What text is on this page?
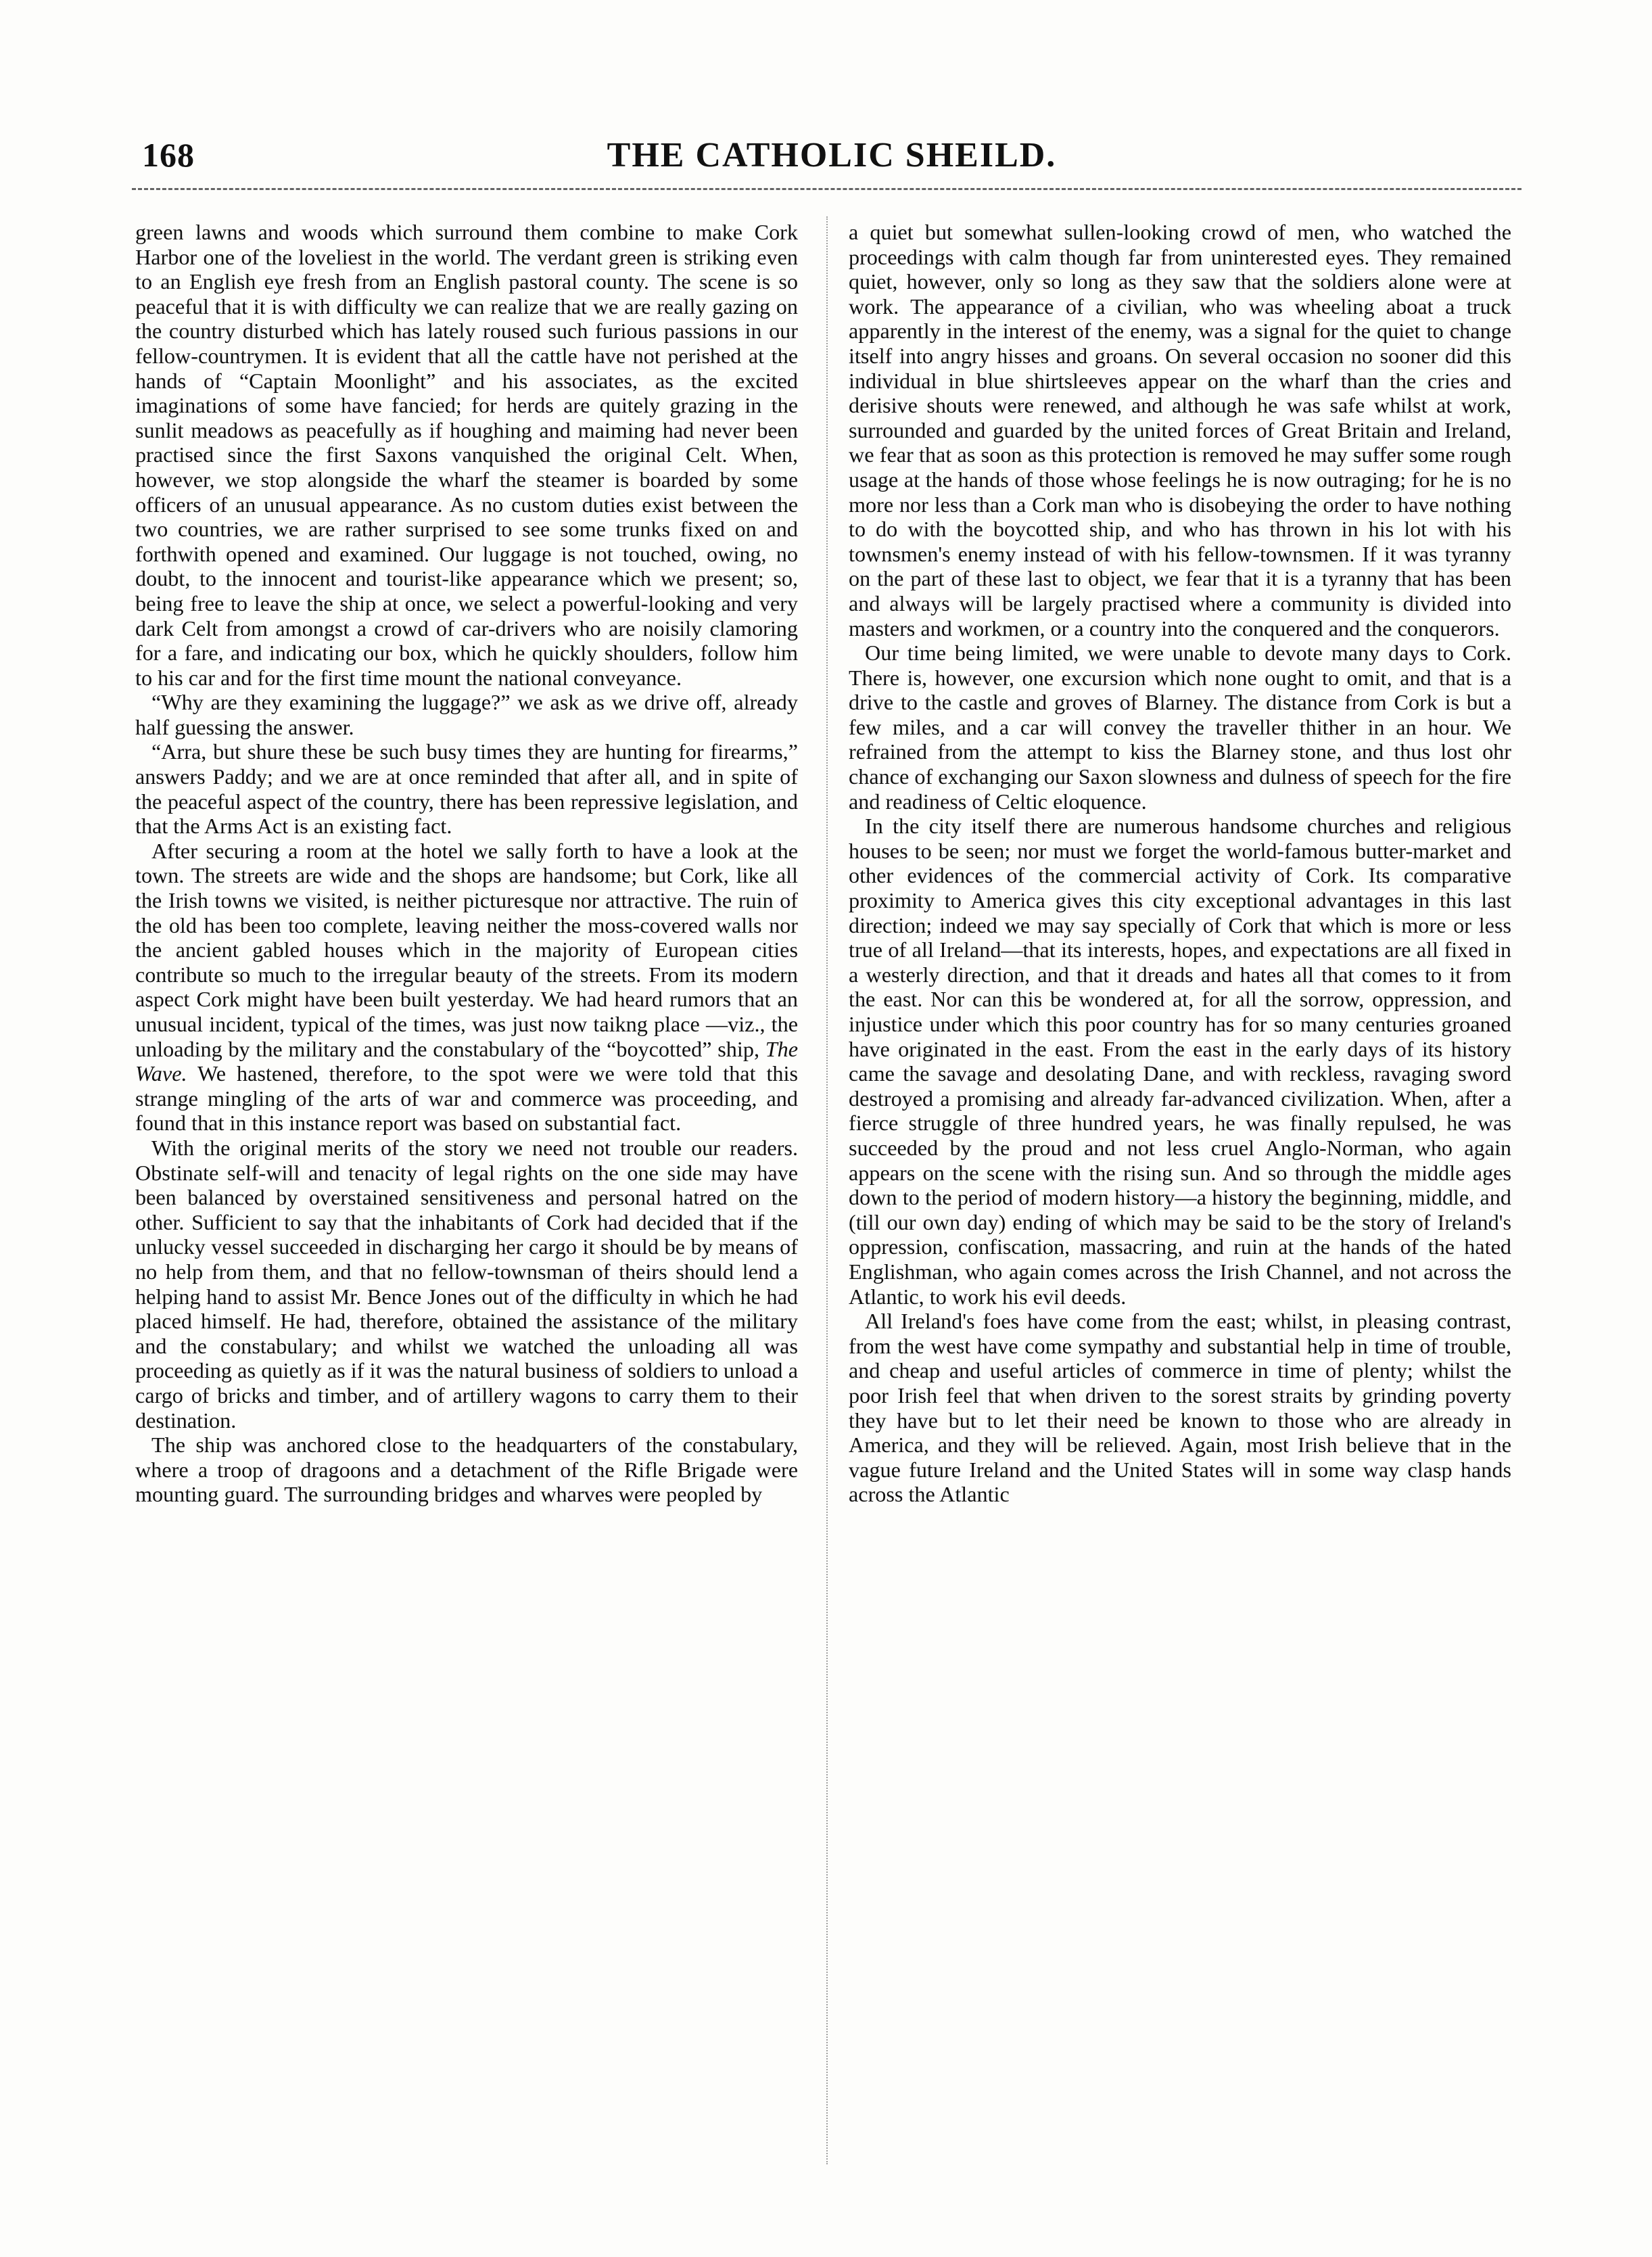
168	THE CATHOLIC SHEILD.

green lawns and woods which surround them combine to make Cork Harbor one of the loveliest in the world. The verdant green is striking even to an English eye fresh from an English pastoral county. The scene is so peaceful that it is with difficulty we can realize that we are really gazing on the country disturbed which has lately roused such furious passions in our fellow-countrymen. It is evident that all the cattle have not perished at the hands of “Captain Moonlight” and his associates, as the excited imaginations of some have fancied; for herds are quitely grazing in the sunlit meadows as peacefully as if houghing and maiming had never been practised since the first Saxons vanquished the original Celt. When, however, we stop alongside the wharf the steamer is boarded by some officers of an unusual appearance. As no custom duties exist between the two countries, we are rather surprised to see some trunks fixed on and forthwith opened and examined. Our luggage is not touched, owing, no doubt, to the innocent and tourist-like appearance which we present; so, being free to leave the ship at once, we select a powerful-looking and very dark Celt from amongst a crowd of car-drivers who are noisily clamoring for a fare, and indicating our box, which he quickly shoulders, follow him to his car and for the first time mount the national conveyance.

“Why are they examining the luggage?” we ask as we drive off, already half guessing the answer.

“Arra, but shure these be such busy times they are hunting for firearms,” answers Paddy; and we are at once reminded that after all, and in spite of the peaceful aspect of the country, there has been repressive legislation, and that the Arms Act is an existing fact.

After securing a room at the hotel we sally forth to have a look at the town. The streets are wide and the shops are handsome; but Cork, like all the Irish towns we visited, is neither picturesque nor attractive. The ruin of the old has been too complete, leaving neither the moss-covered walls nor the ancient gabled houses which in the majority of European cities contribute so much to the irregular beauty of the streets. From its modern aspect Cork might have been built yesterday. We had heard rumors that an unusual incident, typical of the times, was just now taikng place —viz., the unloading by the military and the constabulary of the “boycotted” ship, The Wave. We hastened, therefore, to the spot were we were told that this strange mingling of the arts of war and commerce was proceeding, and found that in this instance report was based on substantial fact.

With the original merits of the story we need not trouble our readers. Obstinate self-will and tenacity of legal rights on the one side may have been balanced by overstained sensitiveness and personal hatred on the other. Sufficient to say that the inhabitants of Cork had decided that if the unlucky vessel succeeded in discharging her cargo it should be by means of no help from them, and that no fellow-townsman of theirs should lend a helping hand to assist Mr. Bence Jones out of the difficulty in which he had placed himself. He had, therefore, obtained the assistance of the military and the constabulary; and whilst we watched the unloading all was proceeding as quietly as if it was the natural business of soldiers to unload a cargo of bricks and timber, and of artillery wagons to carry them to their destination.

The ship was anchored close to the headquarters of the constabulary, where a troop of dragoons and a detachment of the Rifle Brigade were mounting guard. The surrounding bridges and wharves were peopled by

a quiet but somewhat sullen-looking crowd of men, who watched the proceedings with calm though far from uninterested eyes. They remained quiet, however, only so long as they saw that the soldiers alone were at work. The appearance of a civilian, who was wheeling aboat a truck apparently in the interest of the enemy, was a signal for the quiet to change itself into angry hisses and groans. On several occasion no sooner did this individual in blue shirtsleeves appear on the wharf than the cries and derisive shouts were renewed, and although he was safe whilst at work, surrounded and guarded by the united forces of Great Britain and Ireland, we fear that as soon as this protection is removed he may suffer some rough usage at the hands of those whose feelings he is now outraging; for he is no more nor less than a Cork man who is disobeying the order to have nothing to do with the boycotted ship, and who has thrown in his lot with his townsmen's enemy instead of with his fellow-townsmen. If it was tyranny on the part of these last to object, we fear that it is a tyranny that has been and always will be largely practised where a community is divided into masters and workmen, or a country into the conquered and the conquerors.

Our time being limited, we were unable to devote many days to Cork. There is, however, one excursion which none ought to omit, and that is a drive to the castle and groves of Blarney. The distance from Cork is but a few miles, and a car will convey the traveller thither in an hour. We refrained from the attempt to kiss the Blarney stone, and thus lost ohr chance of exchanging our Saxon slowness and dulness of speech for the fire and readiness of Celtic eloquence.

In the city itself there are numerous handsome churches and religious houses to be seen; nor must we forget the world-famous butter-market and other evidences of the commercial activity of Cork. Its comparative proximity to America gives this city exceptional advantages in this last direction; indeed we may say specially of Cork that which is more or less true of all Ireland—that its interests, hopes, and expectations are all fixed in a westerly direction, and that it dreads and hates all that comes to it from the east. Nor can this be wondered at, for all the sorrow, oppression, and injustice under which this poor country has for so many centuries groaned have originated in the east. From the east in the early days of its history came the savage and desolating Dane, and with reckless, ravaging sword destroyed a promising and already far-advanced civilization. When, after a fierce struggle of three hundred years, he was finally repulsed, he was succeeded by the proud and not less cruel Anglo-Norman, who again appears on the scene with the rising sun. And so through the middle ages down to the period of modern history—a history the beginning, middle, and (till our own day) ending of which may be said to be the story of Ireland's oppression, confiscation, massacring, and ruin at the hands of the hated Englishman, who again comes across the Irish Channel, and not across the Atlantic, to work his evil deeds.

All Ireland's foes have come from the east; whilst, in pleasing contrast, from the west have come sympathy and substantial help in time of trouble, and cheap and useful articles of commerce in time of plenty; whilst the poor Irish feel that when driven to the sorest straits by grinding poverty they have but to let their need be known to those who are already in America, and they will be relieved. Again, most Irish believe that in the vague future Ireland and the United States will in some way clasp hands across the Atlantic
